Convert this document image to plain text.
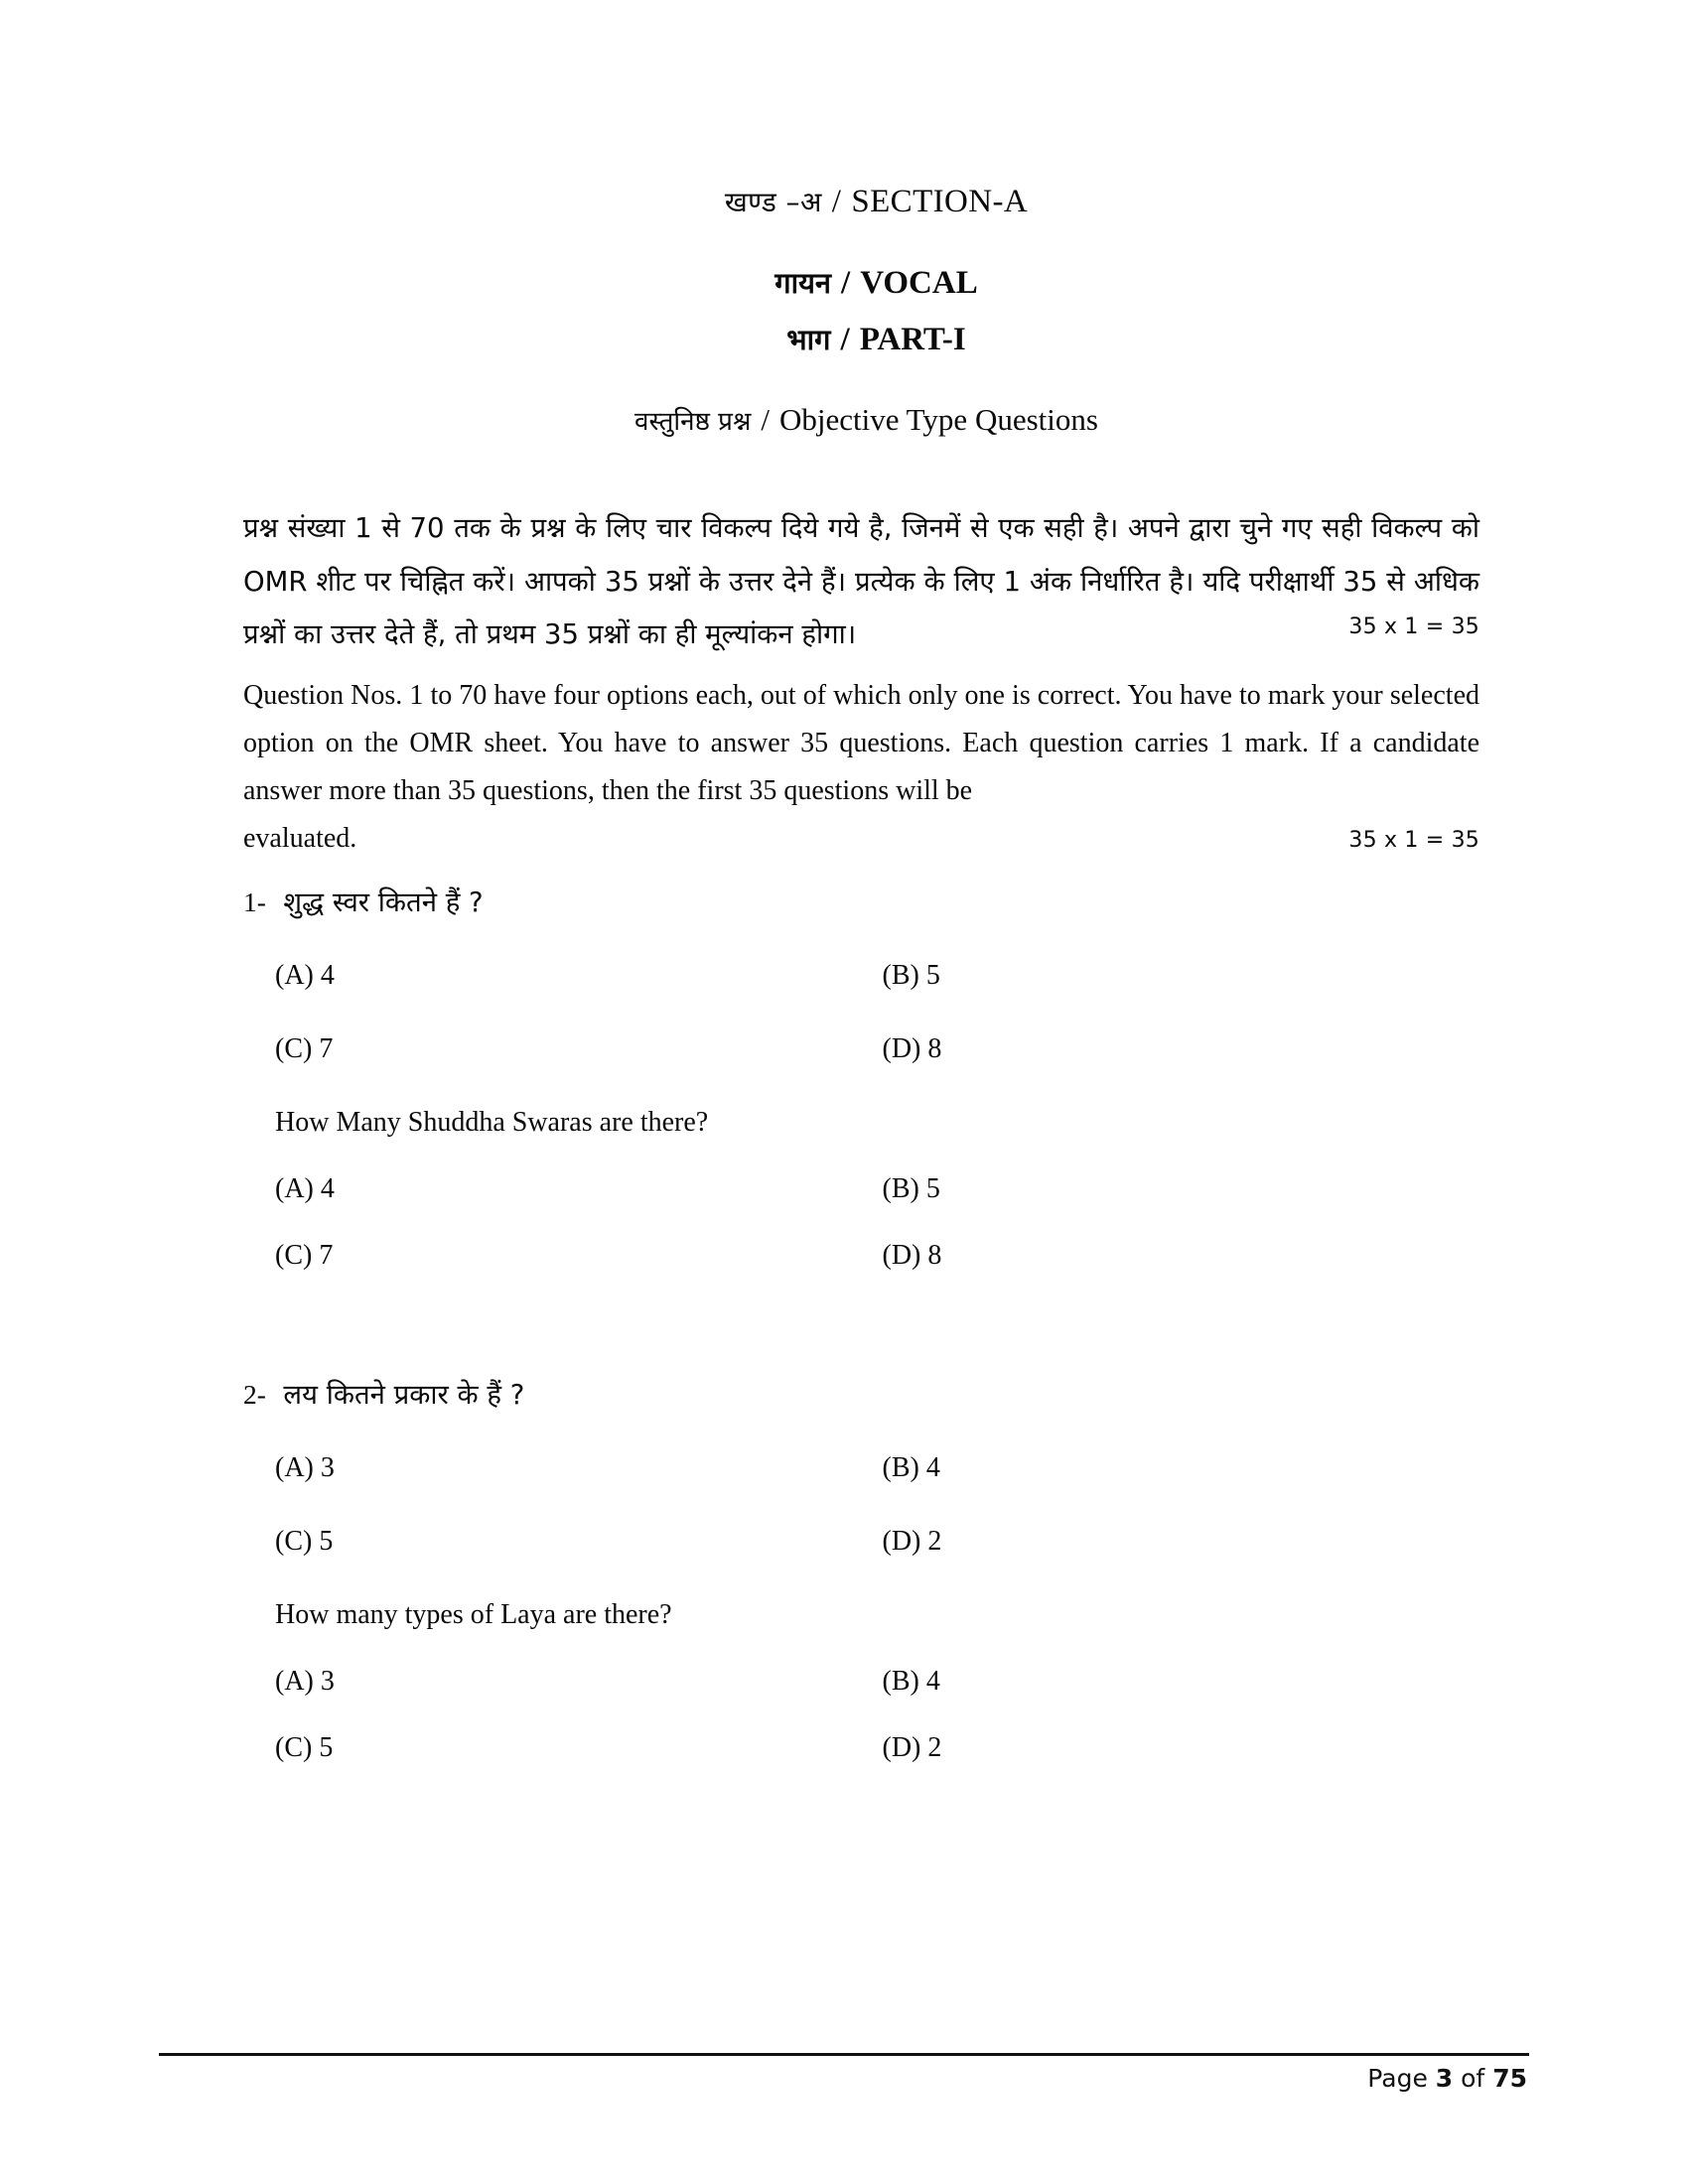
खण्ड –अ / SECTION-A
गायन / VOCAL
भाग / PART-I
वस्तुनिष्ठ प्रश्न / Objective Type Questions

प्रश्न संख्या 1 से 70 तक के प्रश्न के लिए चार विकल्प दिये गये है, जिनमें से एक सही है। अपने द्वारा चुने गए सही विकल्प को OMR शीट पर चिह्नित करें। आपको 35 प्रश्नों के उत्तर देने हैं। प्रत्येक के लिए 1 अंक निर्धारित है। यदि परीक्षार्थी 35 से अधिक प्रश्नों का उत्तर देते हैं, तो प्रथम 35 प्रश्नों का ही मूल्यांकन होगा।	35 x 1 = 35

Question Nos. 1 to 70 have four options each, out of which only one is correct. You have to mark your selected option on the OMR sheet. You have to answer 35 questions. Each question carries 1 mark. If a candidate answer more than 35 questions, then the first 35 questions will be

evaluated.	35 x 1 = 35

1- शुद्ध स्वर कितने हैं ?

(A) 4	(B) 5
(C) 7	(D) 8

How Many Shuddha Swaras are there?

(A) 4	(B) 5
(C) 7	(D) 8

2- लय कितने प्रकार के हैं ?

(A) 3	(B) 4
(C) 5	(D) 2

How many types of Laya are there?

(A) 3	(B) 4
(C) 5	(D) 2
Page 3 of 75
